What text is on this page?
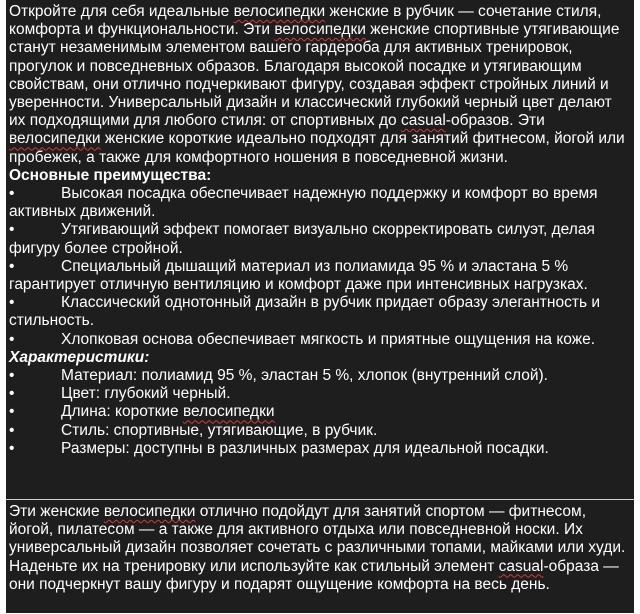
Откройте для себя идеальные велосипедки женские в рубчик — сочетание стиля, комфорта и функциональности. Эти велосипедки женские спортивные утягивающие станут незаменимым элементом вашего гардероба для активных тренировок, прогулок и повседневных образов. Благодаря высокой посадке и утягивающим свойствам, они отлично подчеркивают фигуру, создавая эффект стройных линий и уверенности. Универсальный дизайн и классический глубокий черный цвет делают их подходящими для любого стиля: от спортивных до casual-образов. Эти велосипедки женские короткие идеально подходят для занятий фитнесом, йогой или пробежек, а также для комфортного ношения в повседневной жизни.

Основные преимущества:

•	Высокая посадка обеспечивает надежную поддержку и комфорт во время активных движений.

•	Утягивающий эффект помогает визуально скорректировать силуэт, делая фигуру более стройной.

•	Специальный дышащий материал из полиамида 95 % и эластана 5 % гарантирует отличную вентиляцию и комфорт даже при интенсивных нагрузках.

•	Классический однотонный дизайн в рубчик придает образу элегантность и стильность.

•	Хлопковая основа обеспечивает мягкость и приятные ощущения на коже.

Характеристики:

•	Материал: полиамид 95 %, эластан 5 %, хлопок (внутренний слой).
•	Цвет: глубокий черный.
•	Длина: короткие велосипедки
•	Стиль: спортивные, утягивающие, в рубчик.
•	Размеры: доступны в различных размерах для идеальной посадки.

Эти женские велосипедки отлично подойдут для занятий спортом — фитнесом, йогой, пилатесом — а также для активного отдыха или повседневной носки. Их универсальный дизайн позволяет сочетать с различными топами, майками или худи. Наденьте их на тренировку или используйте как стильный элемент casual-образа — они подчеркнут вашу фигуру и подарят ощущение комфорта на весь день.
